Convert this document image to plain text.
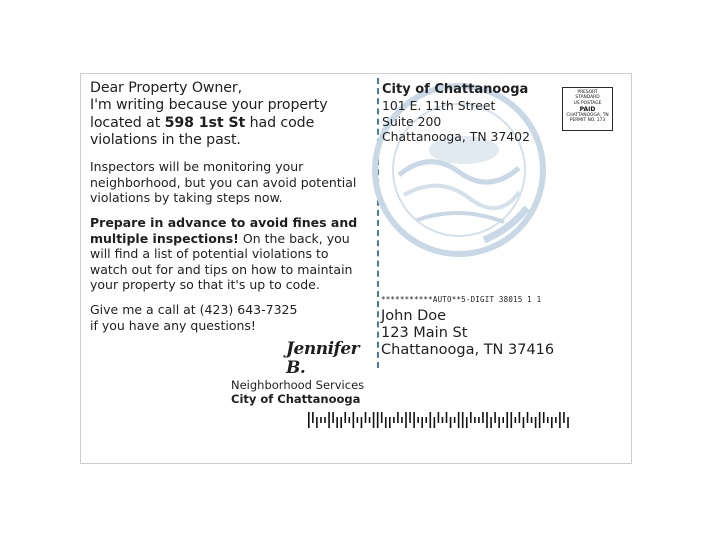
Dear Property Owner,

I'm writing because your property
located at 598 1st St had code
violations in the past.

Inspectors will be monitoring your
neighborhood, but you can avoid potential
violations by taking steps now.

Prepare in advance to avoid fines and
multiple inspections! On the back, you
will find a list of potential violations to
watch out for and tips on how to maintain
your property so that it's up to code.

Give me a call at (423) 643-7325
if you have any questions!

Jennifer B.
Neighborhood Services
City of Chattanooga
City of Chattanooga
101 E. 11th Street
Suite 200
Chattanooga, TN 37402
PRESORT
STANDARD
US POSTAGE
PAID
CHATTANOOGA, TN
PERMIT NO. 173
***********AUTO**5-DIGIT 38015 1 1
John Doe
123 Main St
Chattanooga, TN 37416
